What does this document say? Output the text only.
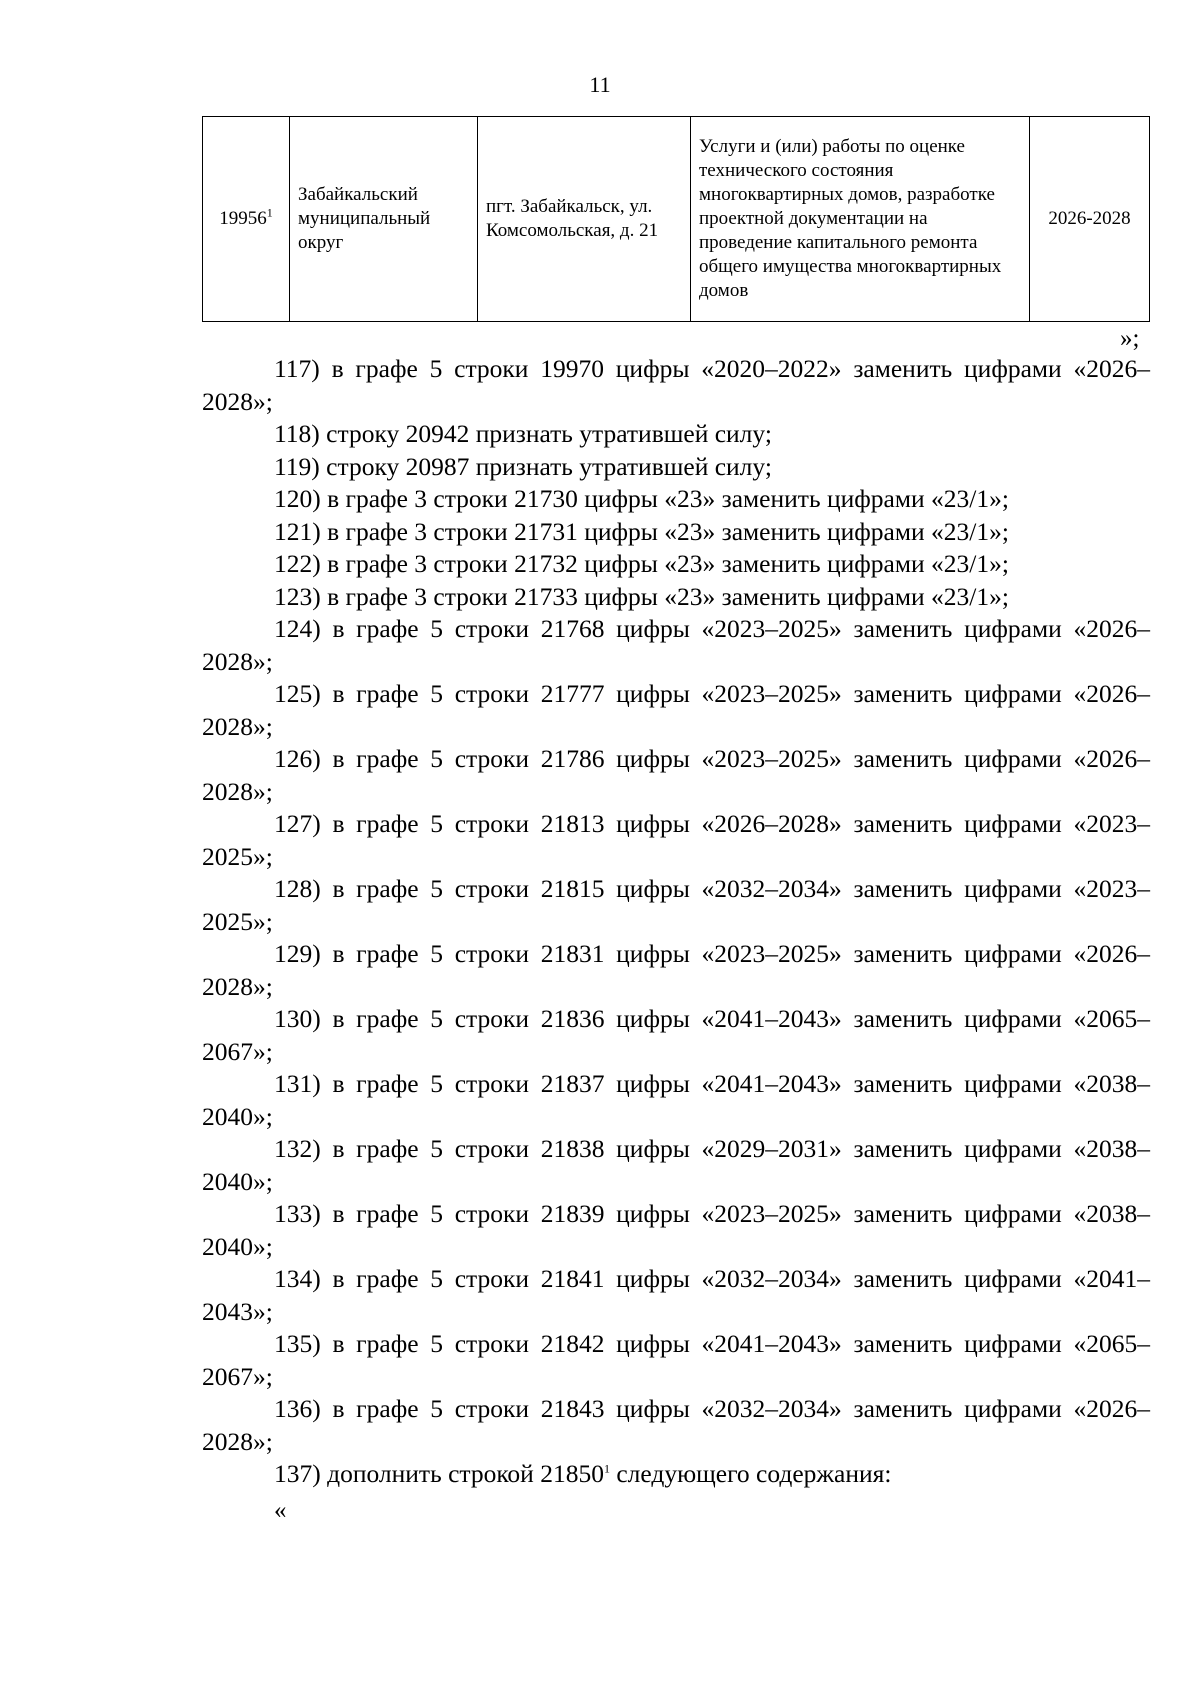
11
19956$^1$	Забайкальский муниципальный округ	пгт. Забайкальск, ул. Комсомольская, д. 21	Услуги и (или) работы по оценке технического состояния многоквартирных домов, разработке проектной документации на проведение капитального ремонта общего имущества многоквартирных домов	2026-2028
»;

117) в графе 5 строки 19970 цифры «2020–2022» заменить цифрами «2026–2028»;

118) строку 20942 признать утратившей силу;

119) строку 20987 признать утратившей силу;

120) в графе 3 строки 21730 цифры «23» заменить цифрами «23/1»;

121) в графе 3 строки 21731 цифры «23» заменить цифрами «23/1»;

122) в графе 3 строки 21732 цифры «23» заменить цифрами «23/1»;

123) в графе 3 строки 21733 цифры «23» заменить цифрами «23/1»;

124) в графе 5 строки 21768 цифры «2023–2025» заменить цифрами «2026–2028»;

125) в графе 5 строки 21777 цифры «2023–2025» заменить цифрами «2026–2028»;

126) в графе 5 строки 21786 цифры «2023–2025» заменить цифрами «2026–2028»;

127) в графе 5 строки 21813 цифры «2026–2028» заменить цифрами «2023–2025»;

128) в графе 5 строки 21815 цифры «2032–2034» заменить цифрами «2023–2025»;

129) в графе 5 строки 21831 цифры «2023–2025» заменить цифрами «2026–2028»;

130) в графе 5 строки 21836 цифры «2041–2043» заменить цифрами «2065–2067»;

131) в графе 5 строки 21837 цифры «2041–2043» заменить цифрами «2038–2040»;

132) в графе 5 строки 21838 цифры «2029–2031» заменить цифрами «2038–2040»;

133) в графе 5 строки 21839 цифры «2023–2025» заменить цифрами «2038–2040»;

134) в графе 5 строки 21841 цифры «2032–2034» заменить цифрами «2041–2043»;

135) в графе 5 строки 21842 цифры «2041–2043» заменить цифрами «2065–2067»;

136) в графе 5 строки 21843 цифры «2032–2034» заменить цифрами «2026–2028»;

137) дополнить строкой 21850$^1$ следующего содержания:

«
